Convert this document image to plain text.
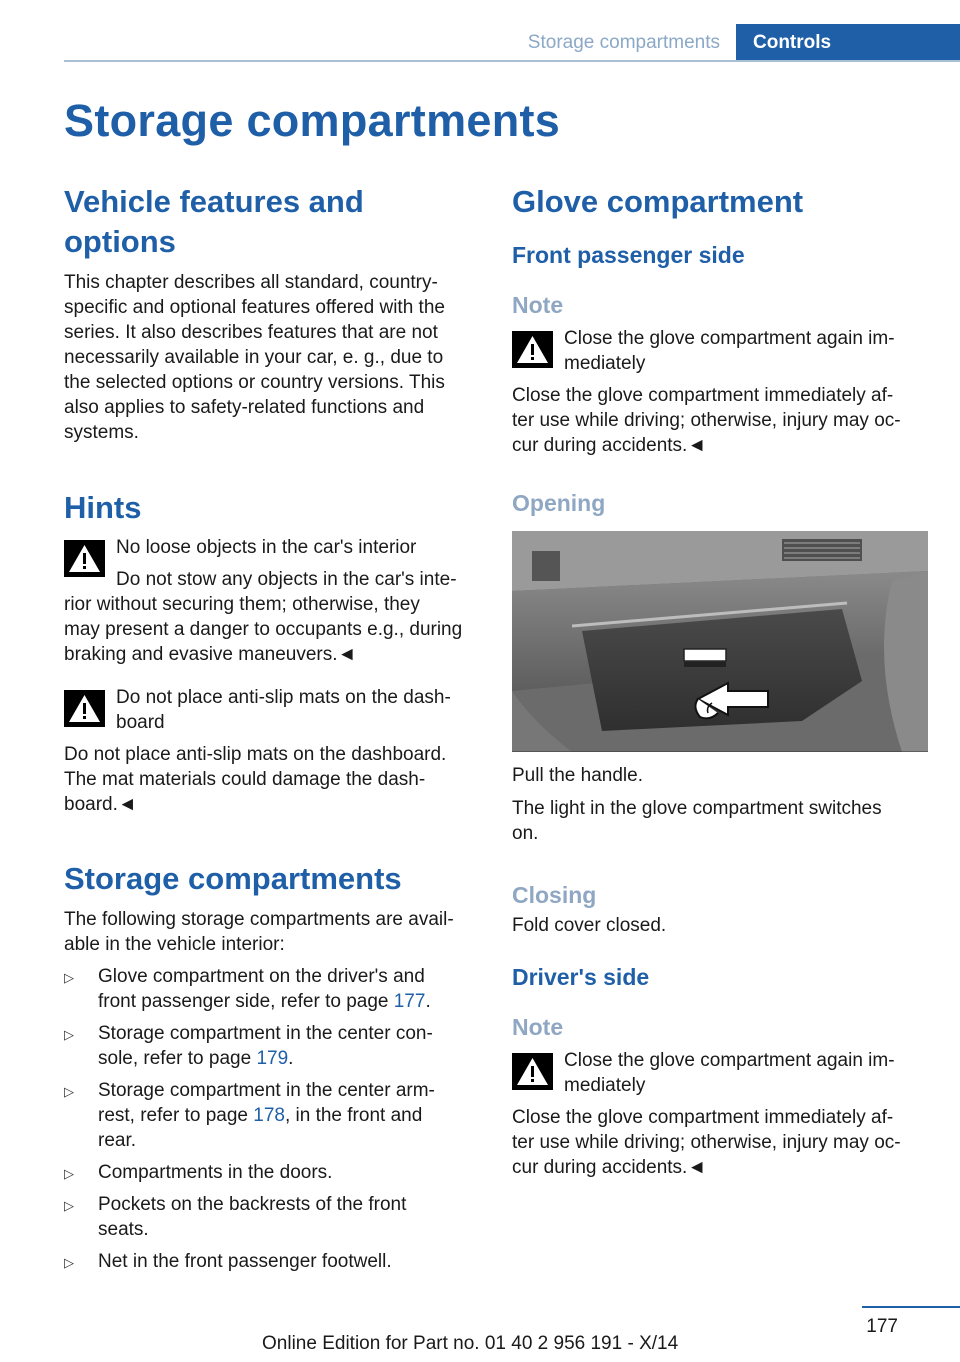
Storage compartments	Controls
Storage compartments
Vehicle features and options
This chapter describes all standard, country-
specific and optional features offered with the
series. It also describes features that are not
necessarily available in your car, e. g., due to
the selected options or country versions. This
also applies to safety-related functions and
systems.
Hints
No loose objects in the car's interior
Do not stow any objects in the car's inte-
rior without securing them; otherwise, they
may present a danger to occupants e.g., during
braking and evasive maneuvers.◄
Do not place anti-slip mats on the dash-
board
Do not place anti-slip mats on the dashboard.
The mat materials could damage the dash-
board.◄
Storage compartments
The following storage compartments are avail-
able in the vehicle interior:
▷ Glove compartment on the driver's and
front passenger side, refer to page 177.
▷ Storage compartment in the center con-
sole, refer to page 179.
▷ Storage compartment in the center arm-
rest, refer to page 178, in the front and
rear.
▷ Compartments in the doors.
▷ Pockets on the backrests of the front
seats.
▷ Net in the front passenger footwell.
Glove compartment
Front passenger side
Note
Close the glove compartment again im-
mediately
Close the glove compartment immediately af-
ter use while driving; otherwise, injury may oc-
cur during accidents.◄
Opening
Pull the handle.
The light in the glove compartment switches
on.
Closing
Fold cover closed.
Driver's side
Note
Close the glove compartment again im-
mediately
Close the glove compartment immediately af-
ter use while driving; otherwise, injury may oc-
cur during accidents.◄
177
Online Edition for Part no. 01 40 2 956 191 - X/14
